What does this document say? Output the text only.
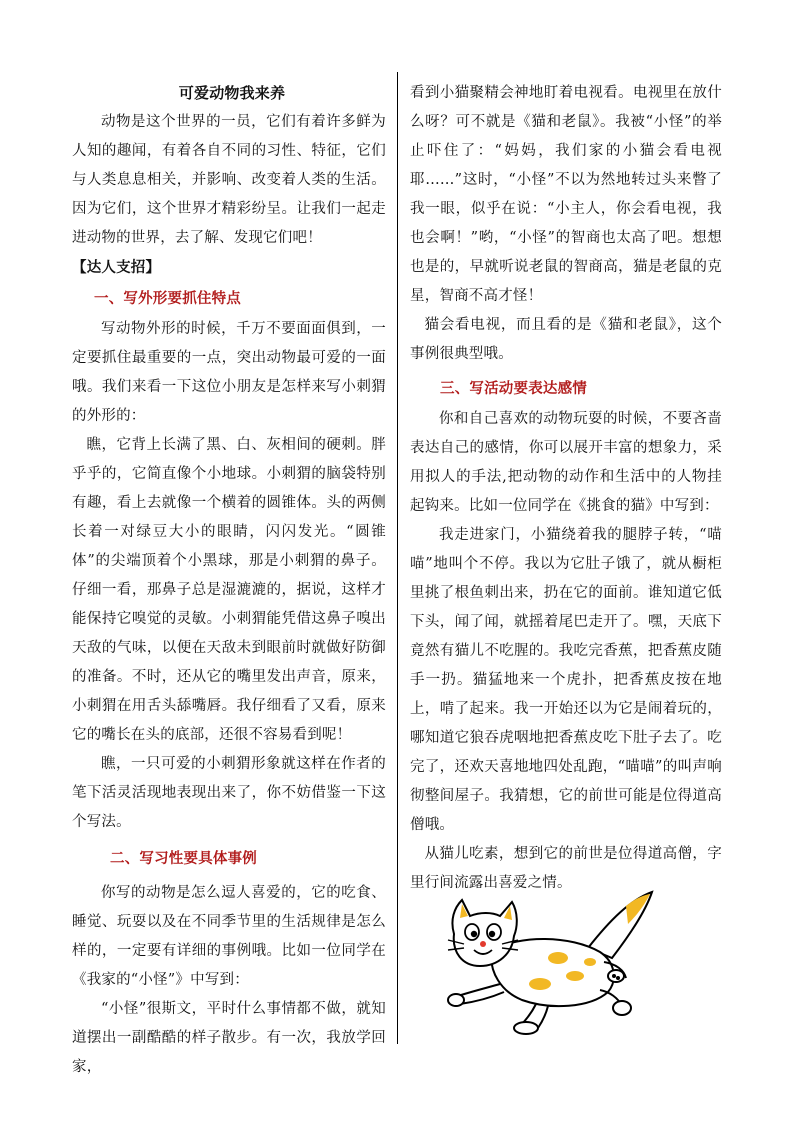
可爱动物我来养

动物是这个世界的一员，它们有着许多鲜为人知的趣闻，有着各自不同的习性、特征，它们与人类息息相关，并影响、改变着人类的生活。因为它们，这个世界才精彩纷呈。让我们一起走进动物的世界，去了解、发现它们吧！

【达人支招】

一、写外形要抓住特点

写动物外形的时候，千万不要面面俱到，一定要抓住最重要的一点，突出动物最可爱的一面哦。我们来看一下这位小朋友是怎样来写小刺猬的外形的：

瞧，它背上长满了黑、白、灰相间的硬刺。胖乎乎的，它简直像个小地球。小刺猬的脑袋特别有趣，看上去就像一个横着的圆锥体。头的两侧长着一对绿豆大小的眼睛，闪闪发光。“圆锥体”的尖端顶着个小黑球，那是小刺猬的鼻子。仔细一看，那鼻子总是湿漉漉的，据说，这样才能保持它嗅觉的灵敏。小刺猬能凭借这鼻子嗅出天敌的气味，以便在天敌未到眼前时就做好防御的准备。不时，还从它的嘴里发出声音，原来，小刺猬在用舌头舔嘴唇。我仔细看了又看，原来它的嘴长在头的底部，还很不容易看到呢！

瞧，一只可爱的小刺猬形象就这样在作者的笔下活灵活现地表现出来了，你不妨借鉴一下这个写法。

二、写习性要具体事例

你写的动物是怎么逗人喜爱的，它的吃食、睡觉、玩耍以及在不同季节里的生活规律是怎么样的，一定要有详细的事例哦。比如一位同学在《我家的“小怪”》中写到：

“小怪”很斯文，平时什么事情都不做，就知道摆出一副酷酷的样子散步。有一次，我放学回家，

看到小猫聚精会神地盯着电视看。电视里在放什么呀？可不就是《猫和老鼠》。我被“小怪”的举止吓住了：“妈妈，我们家的小猫会看电视耶……”这时，“小怪”不以为然地转过头来瞥了我一眼，似乎在说：“小主人，你会看电视，我也会啊！”哟，“小怪”的智商也太高了吧。想想也是的，早就听说老鼠的智商高，猫是老鼠的克星，智商不高才怪！

猫会看电视，而且看的是《猫和老鼠》，这个事例很典型哦。

三、写活动要表达感情

你和自己喜欢的动物玩耍的时候，不要吝啬表达自己的感情，你可以展开丰富的想象力，采用拟人的手法,把动物的动作和生活中的人物挂起钩来。比如一位同学在《挑食的猫》中写到：

我走进家门，小猫绕着我的腿脖子转，“喵喵”地叫个不停。我以为它肚子饿了，就从橱柜里挑了根鱼刺出来，扔在它的面前。谁知道它低下头，闻了闻，就摇着尾巴走开了。嘿，天底下竟然有猫儿不吃腥的。我吃完香蕉，把香蕉皮随手一扔。猫猛地来一个虎扑，把香蕉皮按在地上，啃了起来。我一开始还以为它是闹着玩的，哪知道它狼吞虎咽地把香蕉皮吃下肚子去了。吃完了，还欢天喜地地四处乱跑，“喵喵”的叫声响彻整间屋子。我猜想，它的前世可能是位得道高僧哦。

从猫儿吃素，想到它的前世是位得道高僧，字里行间流露出喜爱之情。
